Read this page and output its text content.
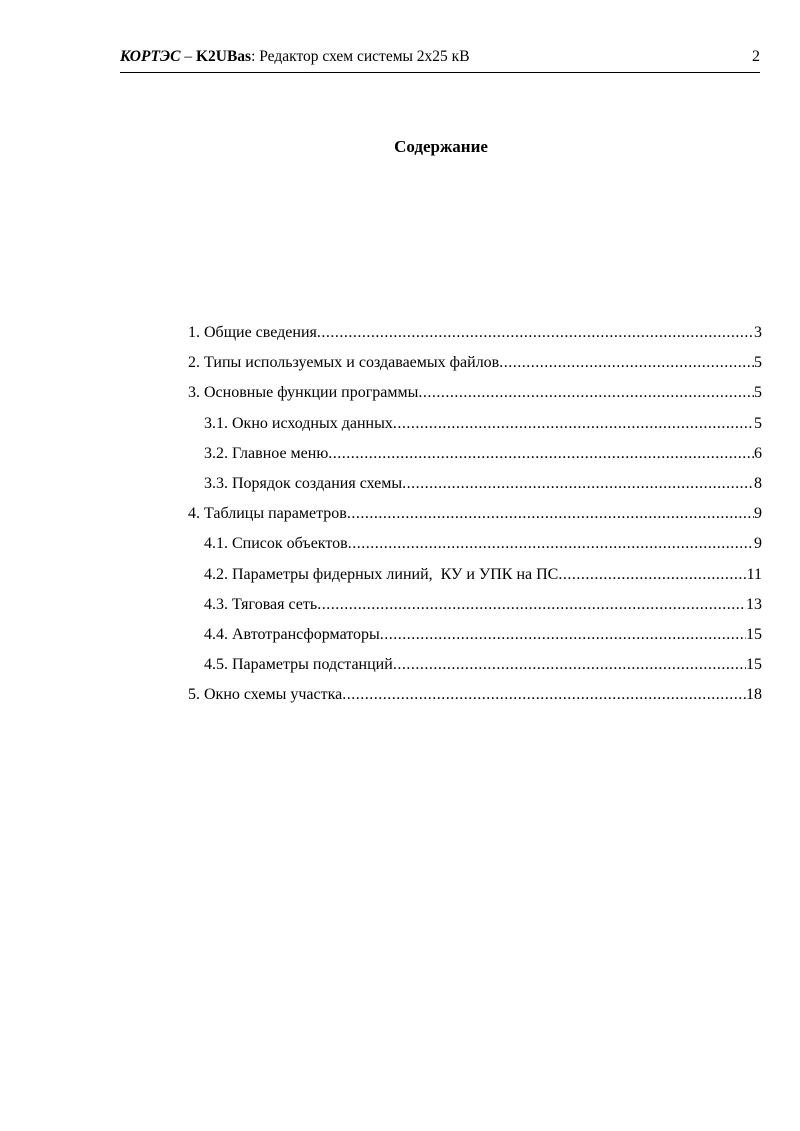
КОРТЭС – K2UBas: Редактор схем системы 2х25 кВ	2
Содержание
1. Общие сведения .....	3
2. Типы используемых и создаваемых файлов .....	5
3. Основные функции программы .....	5
3.1. Окно исходных данных .....	5
3.2. Главное меню .....	6
3.3. Порядок создания схемы .....	8
4. Таблицы параметров .....	9
4.1. Список объектов .....	9
4.2. Параметры фидерных линий,  КУ и УПК на ПС .....	11
4.3. Тяговая сеть .....	13
4.4. Автотрансформаторы .....	15
4.5. Параметры подстанций .....	15
5. Окно схемы участка .....	18
